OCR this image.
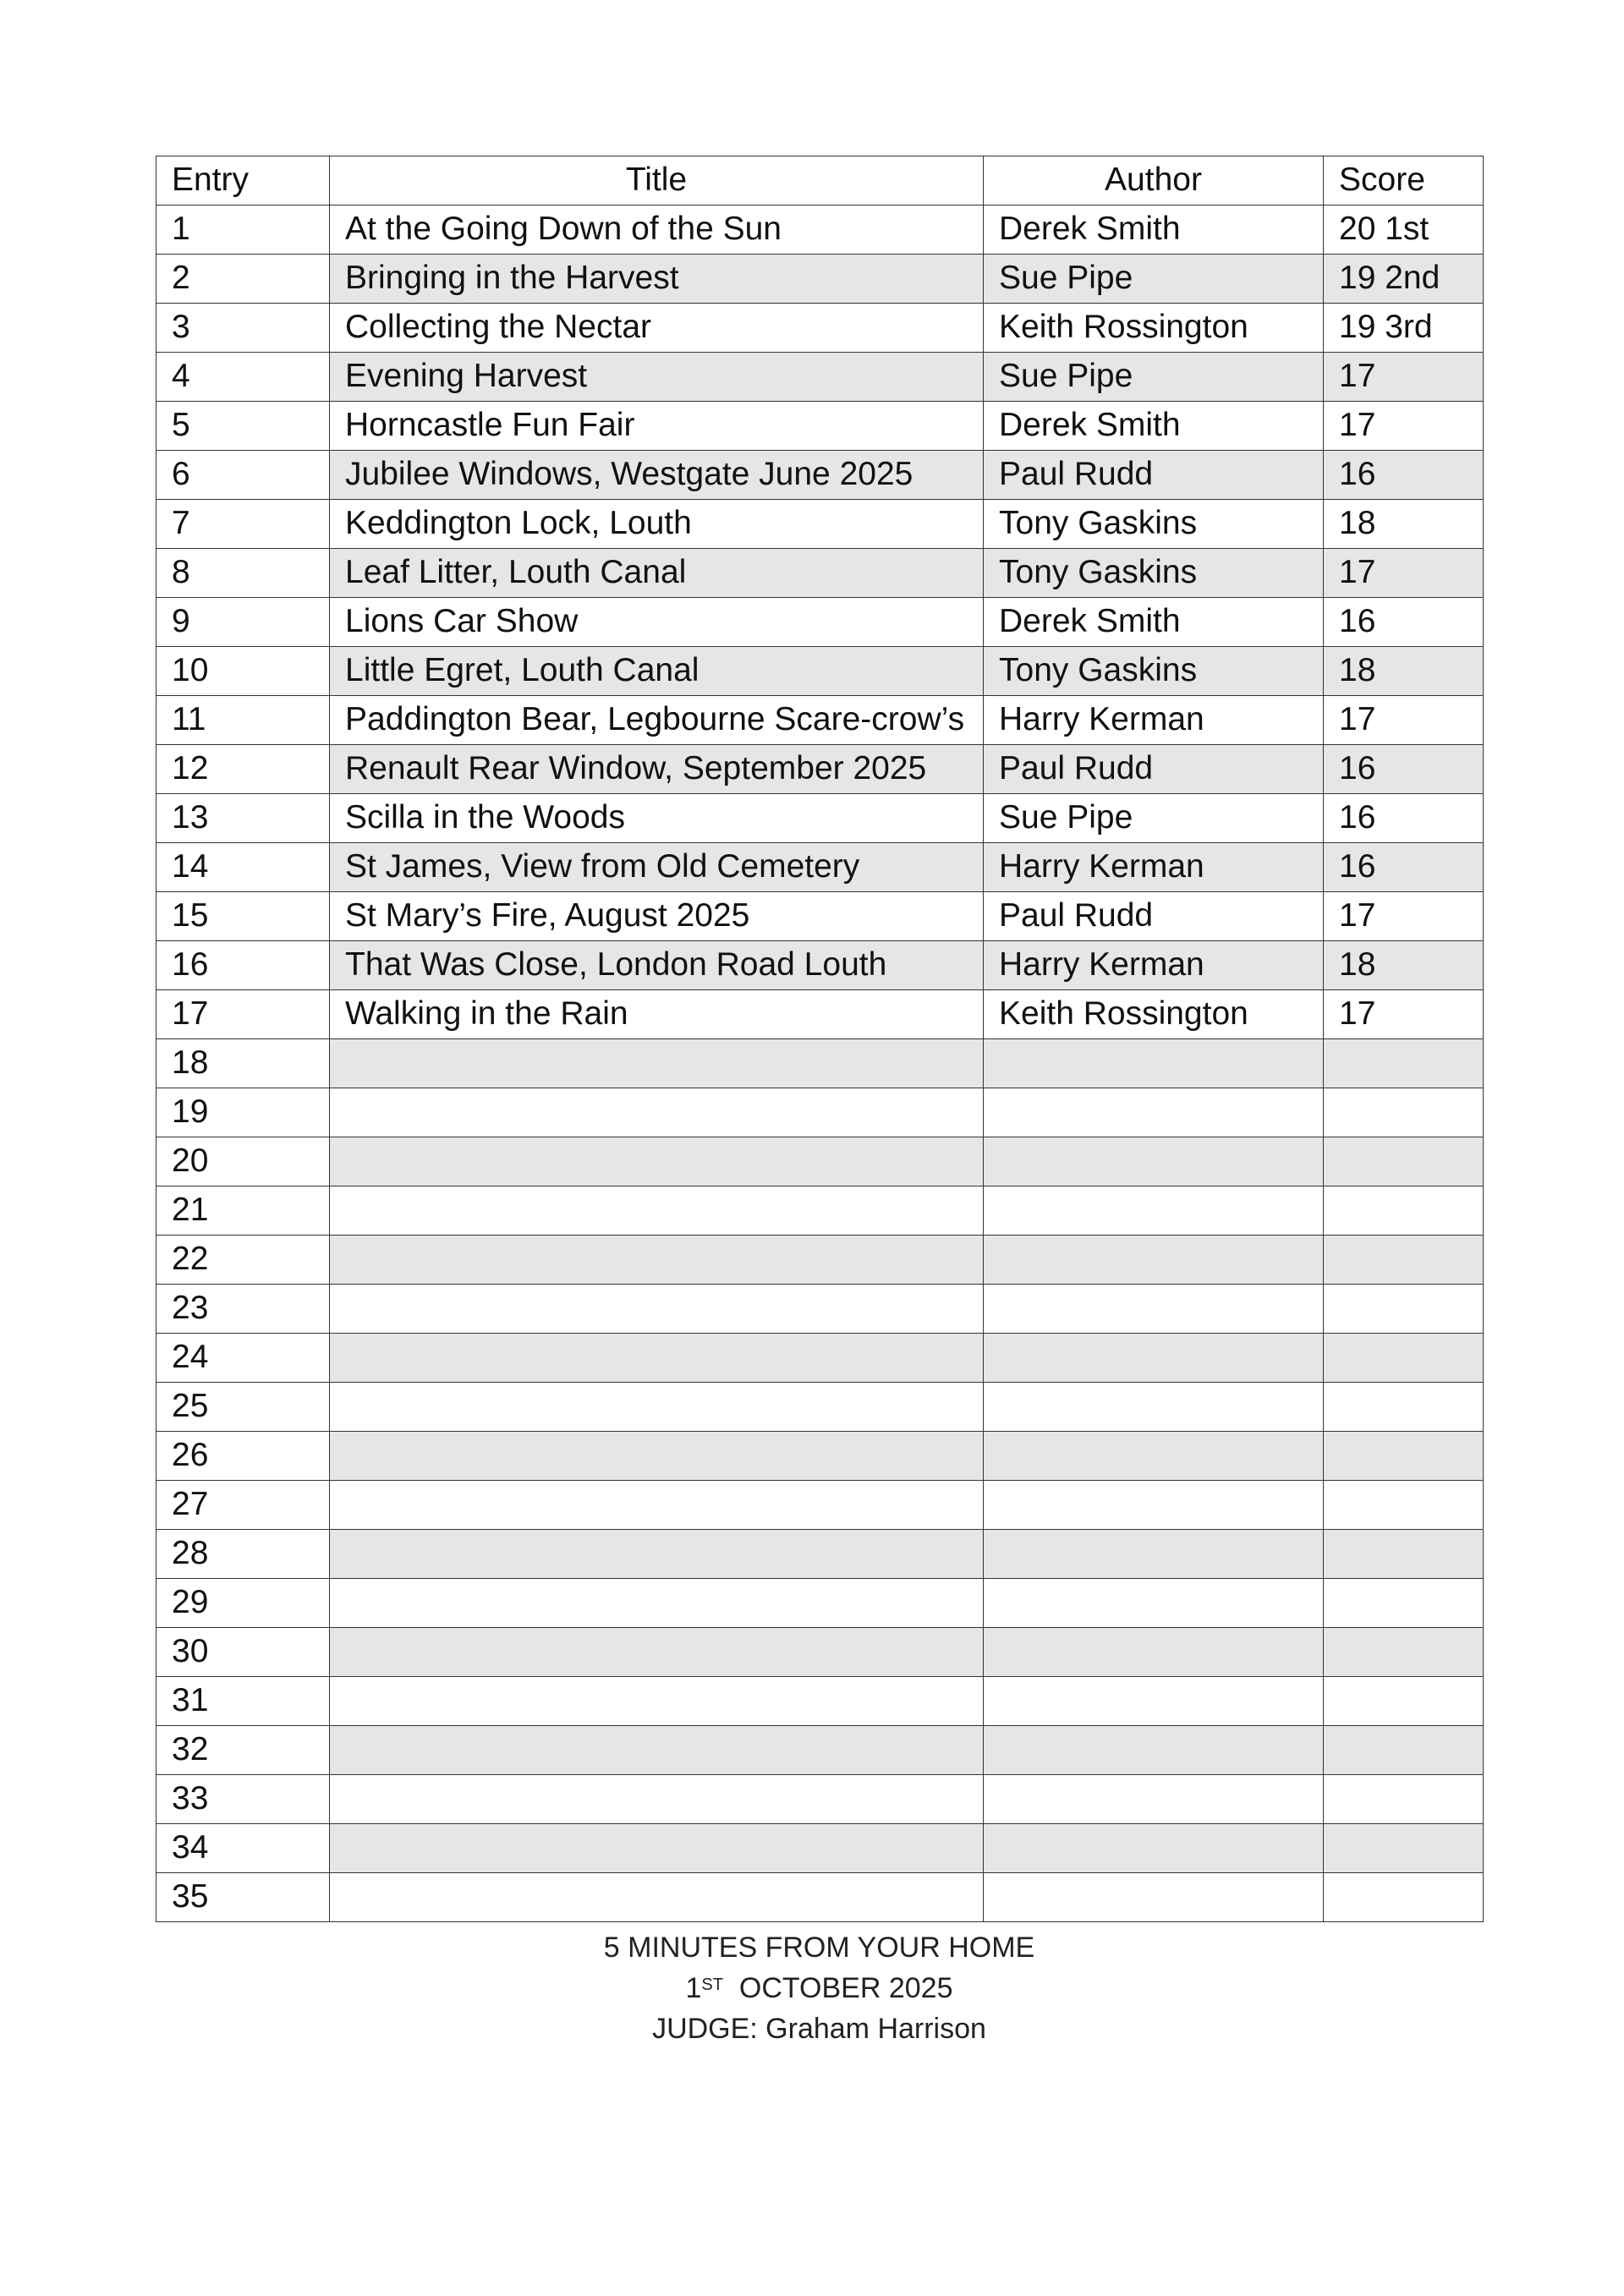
Entry	Title	Author	Score
1	At the Going Down of the Sun	Derek Smith	20 1st
2	Bringing in the Harvest	Sue Pipe	19 2nd
3	Collecting the Nectar	Keith Rossington	19 3rd
4	Evening Harvest	Sue Pipe	17
5	Horncastle Fun Fair	Derek Smith	17
6	Jubilee Windows, Westgate June 2025	Paul Rudd	16
7	Keddington Lock, Louth	Tony Gaskins	18
8	Leaf Litter, Louth Canal	Tony Gaskins	17
9	Lions Car Show	Derek Smith	16
10	Little Egret, Louth Canal	Tony Gaskins	18
11	Paddington Bear, Legbourne Scare-crow’s	Harry Kerman	17
12	Renault Rear Window, September 2025	Paul Rudd	16
13	Scilla in the Woods	Sue Pipe	16
14	St James, View from Old Cemetery	Harry Kerman	16
15	St Mary’s Fire, August 2025	Paul Rudd	17
16	That Was Close, London Road Louth	Harry Kerman	18
17	Walking in the Rain	Keith Rossington	17
18			
19			
20			
21			
22			
23			
24			
25			
26			
27			
28			
29			
30			
31			
32			
33			
34			
35			
5 MINUTES FROM YOUR HOME
1ST OCTOBER 2025
JUDGE: Graham Harrison
